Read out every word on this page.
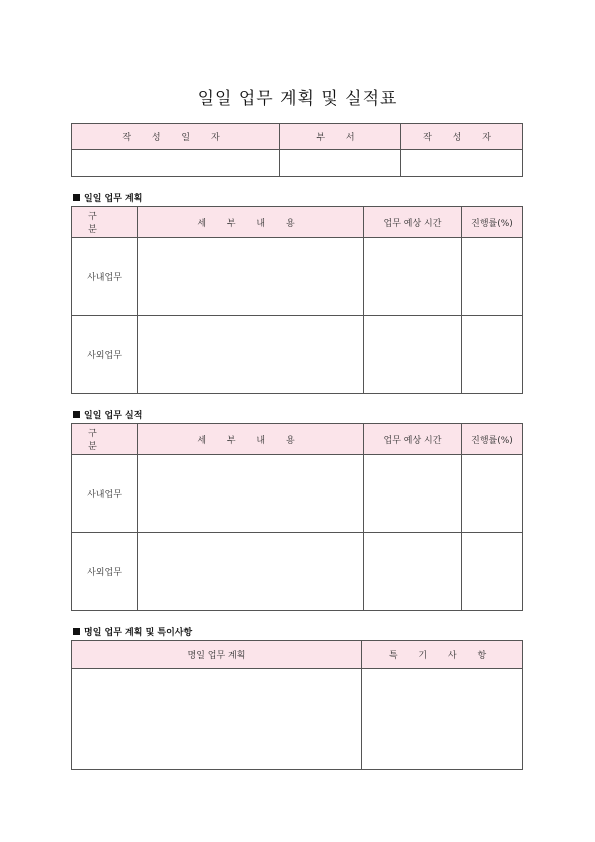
일일 업무 계획 및 실적표
작 성 일 자	부 서	작 성 자

일일 업무 계획
구 분	세 부 내 용	업무 예상 시간	진행률(%)
사내업무			
사외업무			
일일 업무 실적
구 분	세 부 내 용	업무 예상 시간	진행률(%)
사내업무			
사외업무			
명일 업무 계획 및 특이사항
명일 업무 계획	특 기 사 항
